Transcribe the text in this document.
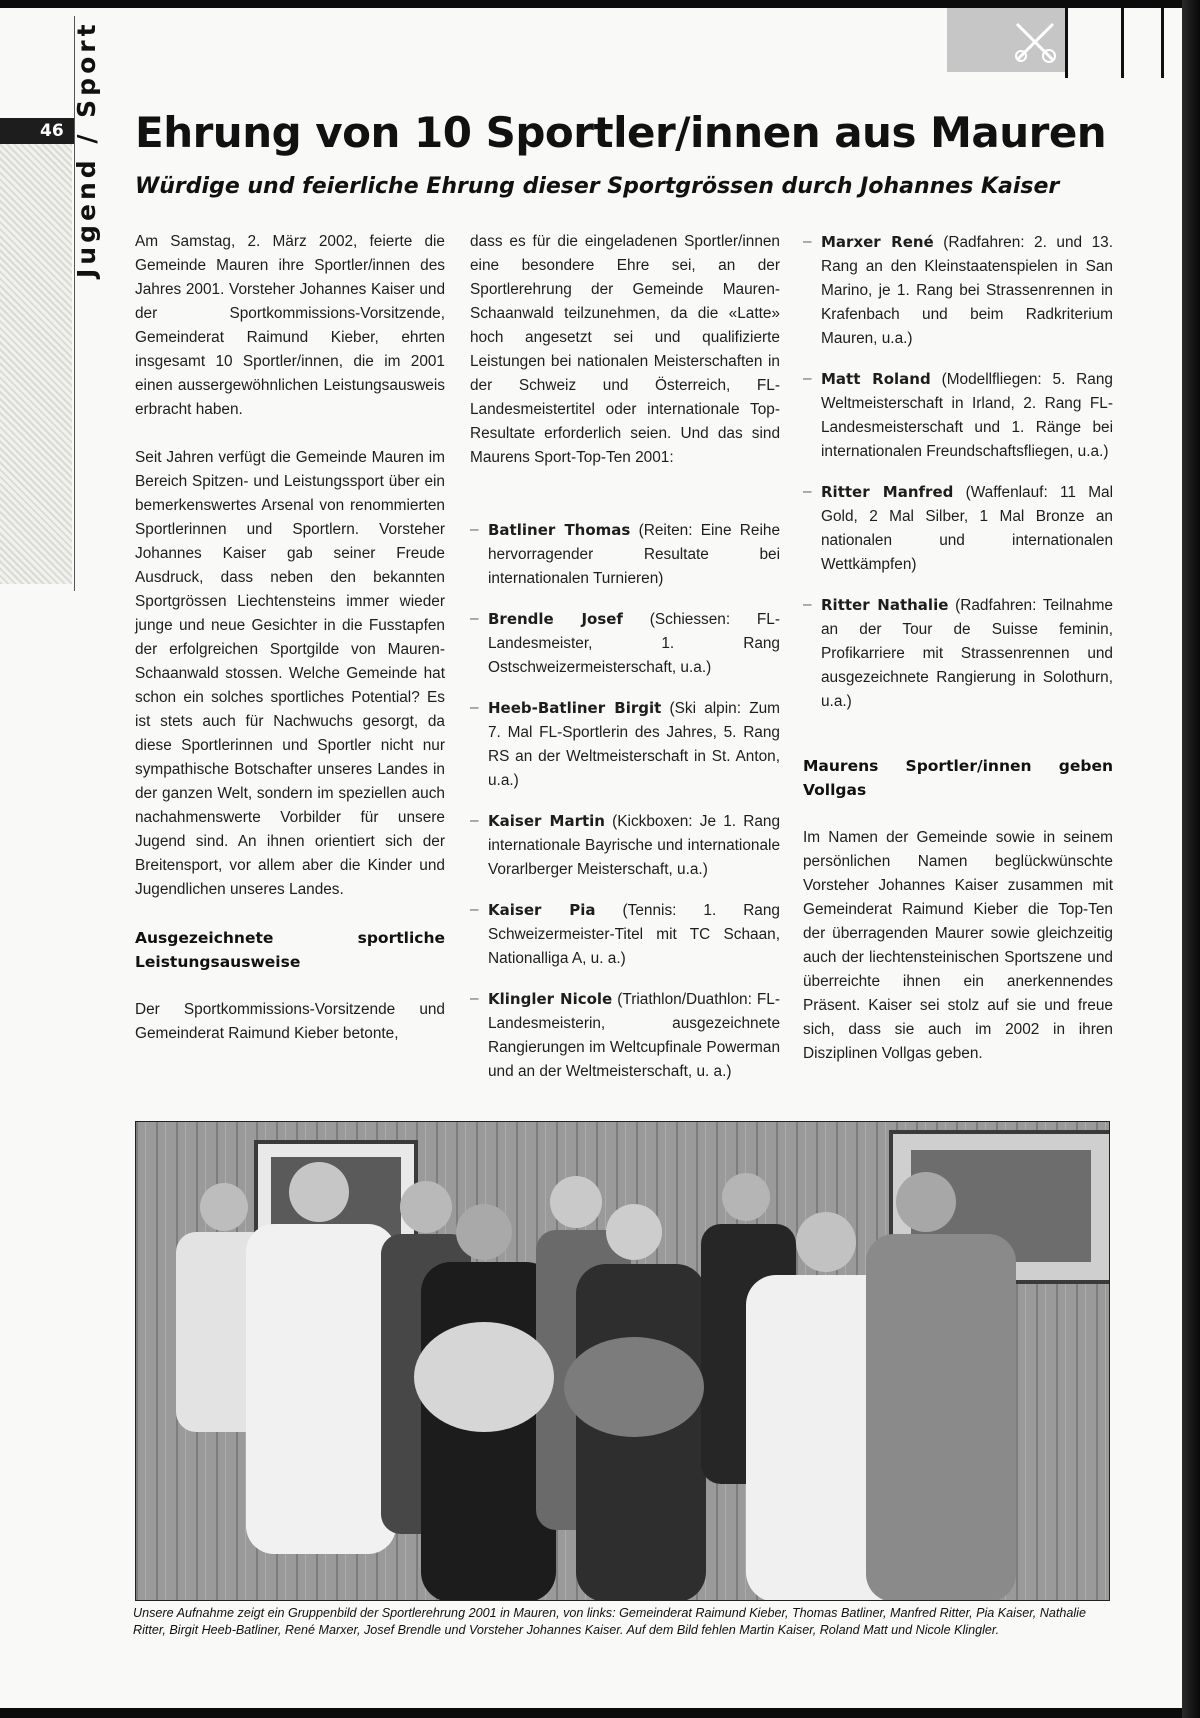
46 Jugend / Sport Ehrung von 10 Sportler/innen aus Mauren
Würdige und feierliche Ehrung dieser Sportgrössen durch Johannes Kaiser

Am Samstag, 2. März 2002, feierte die Gemeinde Mauren ihre Sportler/innen des Jahres 2001. Vorsteher Johannes Kaiser und der Sportkommissions-Vorsitzende, Gemeinderat Raimund Kieber, ehrten insgesamt 10 Sportler/innen, die im 2001 einen aussergewöhnlichen Leistungsausweis erbracht haben.

Seit Jahren verfügt die Gemeinde Mauren im Bereich Spitzen- und Leistungssport über ein bemerkenswertes Arsenal von renommierten Sportlerinnen und Sportlern. Vorsteher Johannes Kaiser gab seiner Freude Ausdruck, dass neben den bekannten Sportgrössen Liechtensteins immer wieder junge und neue Gesichter in die Fusstapfen der erfolgreichen Sportgilde von Mauren-Schaanwald stossen. Welche Gemeinde hat schon ein solches sportliches Potential? Es ist stets auch für Nachwuchs gesorgt, da diese Sportlerinnen und Sportler nicht nur sympathische Botschafter unseres Landes in der ganzen Welt, sondern im speziellen auch nachahmenswerte Vorbilder für unsere Jugend sind. An ihnen orientiert sich der Breitensport, vor allem aber die Kinder und Jugendlichen unseres Landes.

Ausgezeichnete sportliche Leistungsausweise

Der Sportkommissions-Vorsitzende und Gemeinderat Raimund Kieber betonte,

dass es für die eingeladenen Sportler/innen eine besondere Ehre sei, an der Sportlerehrung der Gemeinde Mauren-Schaanwald teilzunehmen, da die «Latte» hoch angesetzt sei und qualifizierte Leistungen bei nationalen Meisterschaften in der Schweiz und Österreich, FL-Landesmeistertitel oder internationale Top-Resultate erforderlich seien. Und das sind Maurens Sport-Top-Ten 2001:

– Batliner Thomas (Reiten: Eine Reihe hervorragender Resultate bei internationalen Turnieren)
– Brendle Josef (Schiessen: FL-Landesmeister, 1. Rang Ostschweizermeisterschaft, u.a.)
– Heeb-Batliner Birgit (Ski alpin: Zum 7. Mal FL-Sportlerin des Jahres, 5. Rang RS an der Weltmeisterschaft in St. Anton, u.a.)
– Kaiser Martin (Kickboxen: Je 1. Rang internationale Bayrische und internationale Vorarlberger Meisterschaft, u.a.)
– Kaiser Pia (Tennis: 1. Rang Schweizermeister-Titel mit TC Schaan, Nationalliga A, u. a.)
– Klingler Nicole (Triathlon/Duathlon: FL-Landesmeisterin, ausgezeichnete Rangierungen im Weltcupfinale Powerman und an der Weltmeisterschaft, u. a.)
– Marxer René (Radfahren: 2. und 13. Rang an den Kleinstaatenspielen in San Marino, je 1. Rang bei Strassenrennen in Krafenbach und beim Radkriterium Mauren, u.a.)
– Matt Roland (Modellfliegen: 5. Rang Weltmeisterschaft in Irland, 2. Rang FL-Landesmeisterschaft und 1. Ränge bei internationalen Freundschaftsfliegen, u.a.)
– Ritter Manfred (Waffenlauf: 11 Mal Gold, 2 Mal Silber, 1 Mal Bronze an nationalen und internationalen Wettkämpfen)
– Ritter Nathalie (Radfahren: Teilnahme an der Tour de Suisse feminin, Profikarriere mit Strassenrennen und ausgezeichnete Rangierung in Solothurn, u.a.)
Maurens Sportler/innen geben Vollgas

Im Namen der Gemeinde sowie in seinem persönlichen Namen beglückwünschte Vorsteher Johannes Kaiser zusammen mit Gemeinderat Raimund Kieber die Top-Ten der überragenden Maurer sowie gleichzeitig auch der liechtensteinischen Sportszene und überreichte ihnen ein anerkennendes Präsent. Kaiser sei stolz auf sie und freue sich, dass sie auch im 2002 in ihren Disziplinen Vollgas geben.

Unsere Aufnahme zeigt ein Gruppenbild der Sportlerehrung 2001 in Mauren, von links: Gemeinderat Raimund Kieber, Thomas Batliner, Manfred Ritter, Pia Kaiser, Nathalie Ritter, Birgit Heeb-Batliner, René Marxer, Josef Brendle und Vorsteher Johannes Kaiser. Auf dem Bild fehlen Martin Kaiser, Roland Matt und Nicole Klingler.
